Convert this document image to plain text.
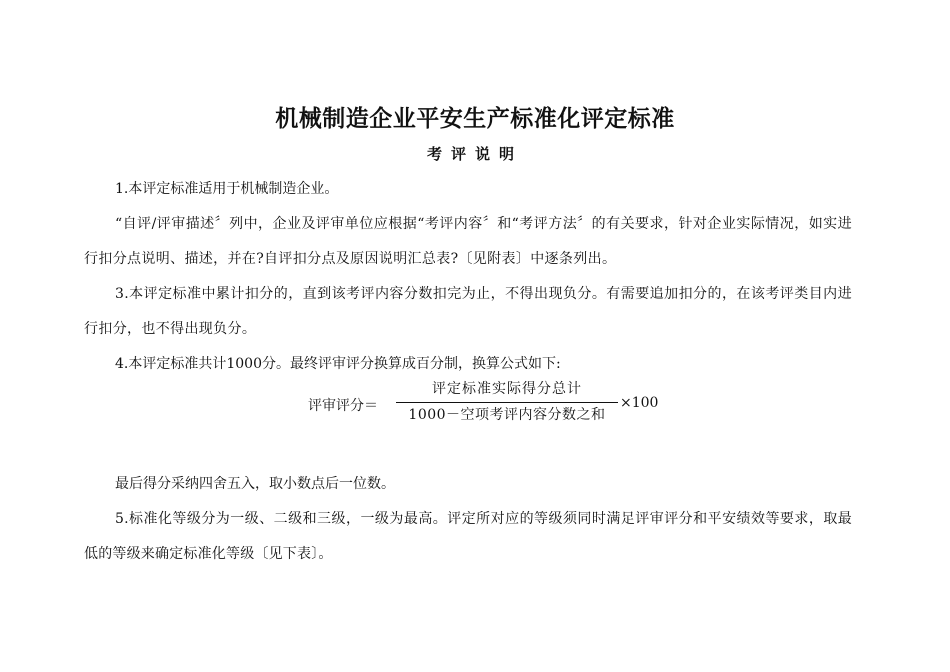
机械制造企业平安生产标准化评定标准
考评说明
1.本评定标准适用于机械制造企业。
“自评/评审描述〞列中，企业及评审单位应根据“考评内容〞和“考评方法〞的有关要求，针对企业实际情况，如实进行扣分点说明、描述，并在?自评扣分点及原因说明汇总表?〔见附表〕中逐条列出。
3.本评定标准中累计扣分的，直到该考评内容分数扣完为止，不得出现负分。有需要追加扣分的，在该考评类目内进行扣分，也不得出现负分。
4.本评定标准共计1000分。最终评审评分换算成百分制，换算公式如下:
评审评分＝
评定标准实际得分总计
1000－空项考评内容分数之和
×100
最后得分采纳四舍五入，取小数点后一位数。
5.标准化等级分为一级、二级和三级，一级为最高。评定所对应的等级须同时满足评审评分和平安绩效等要求，取最低的等级来确定标准化等级〔见下表〕。
